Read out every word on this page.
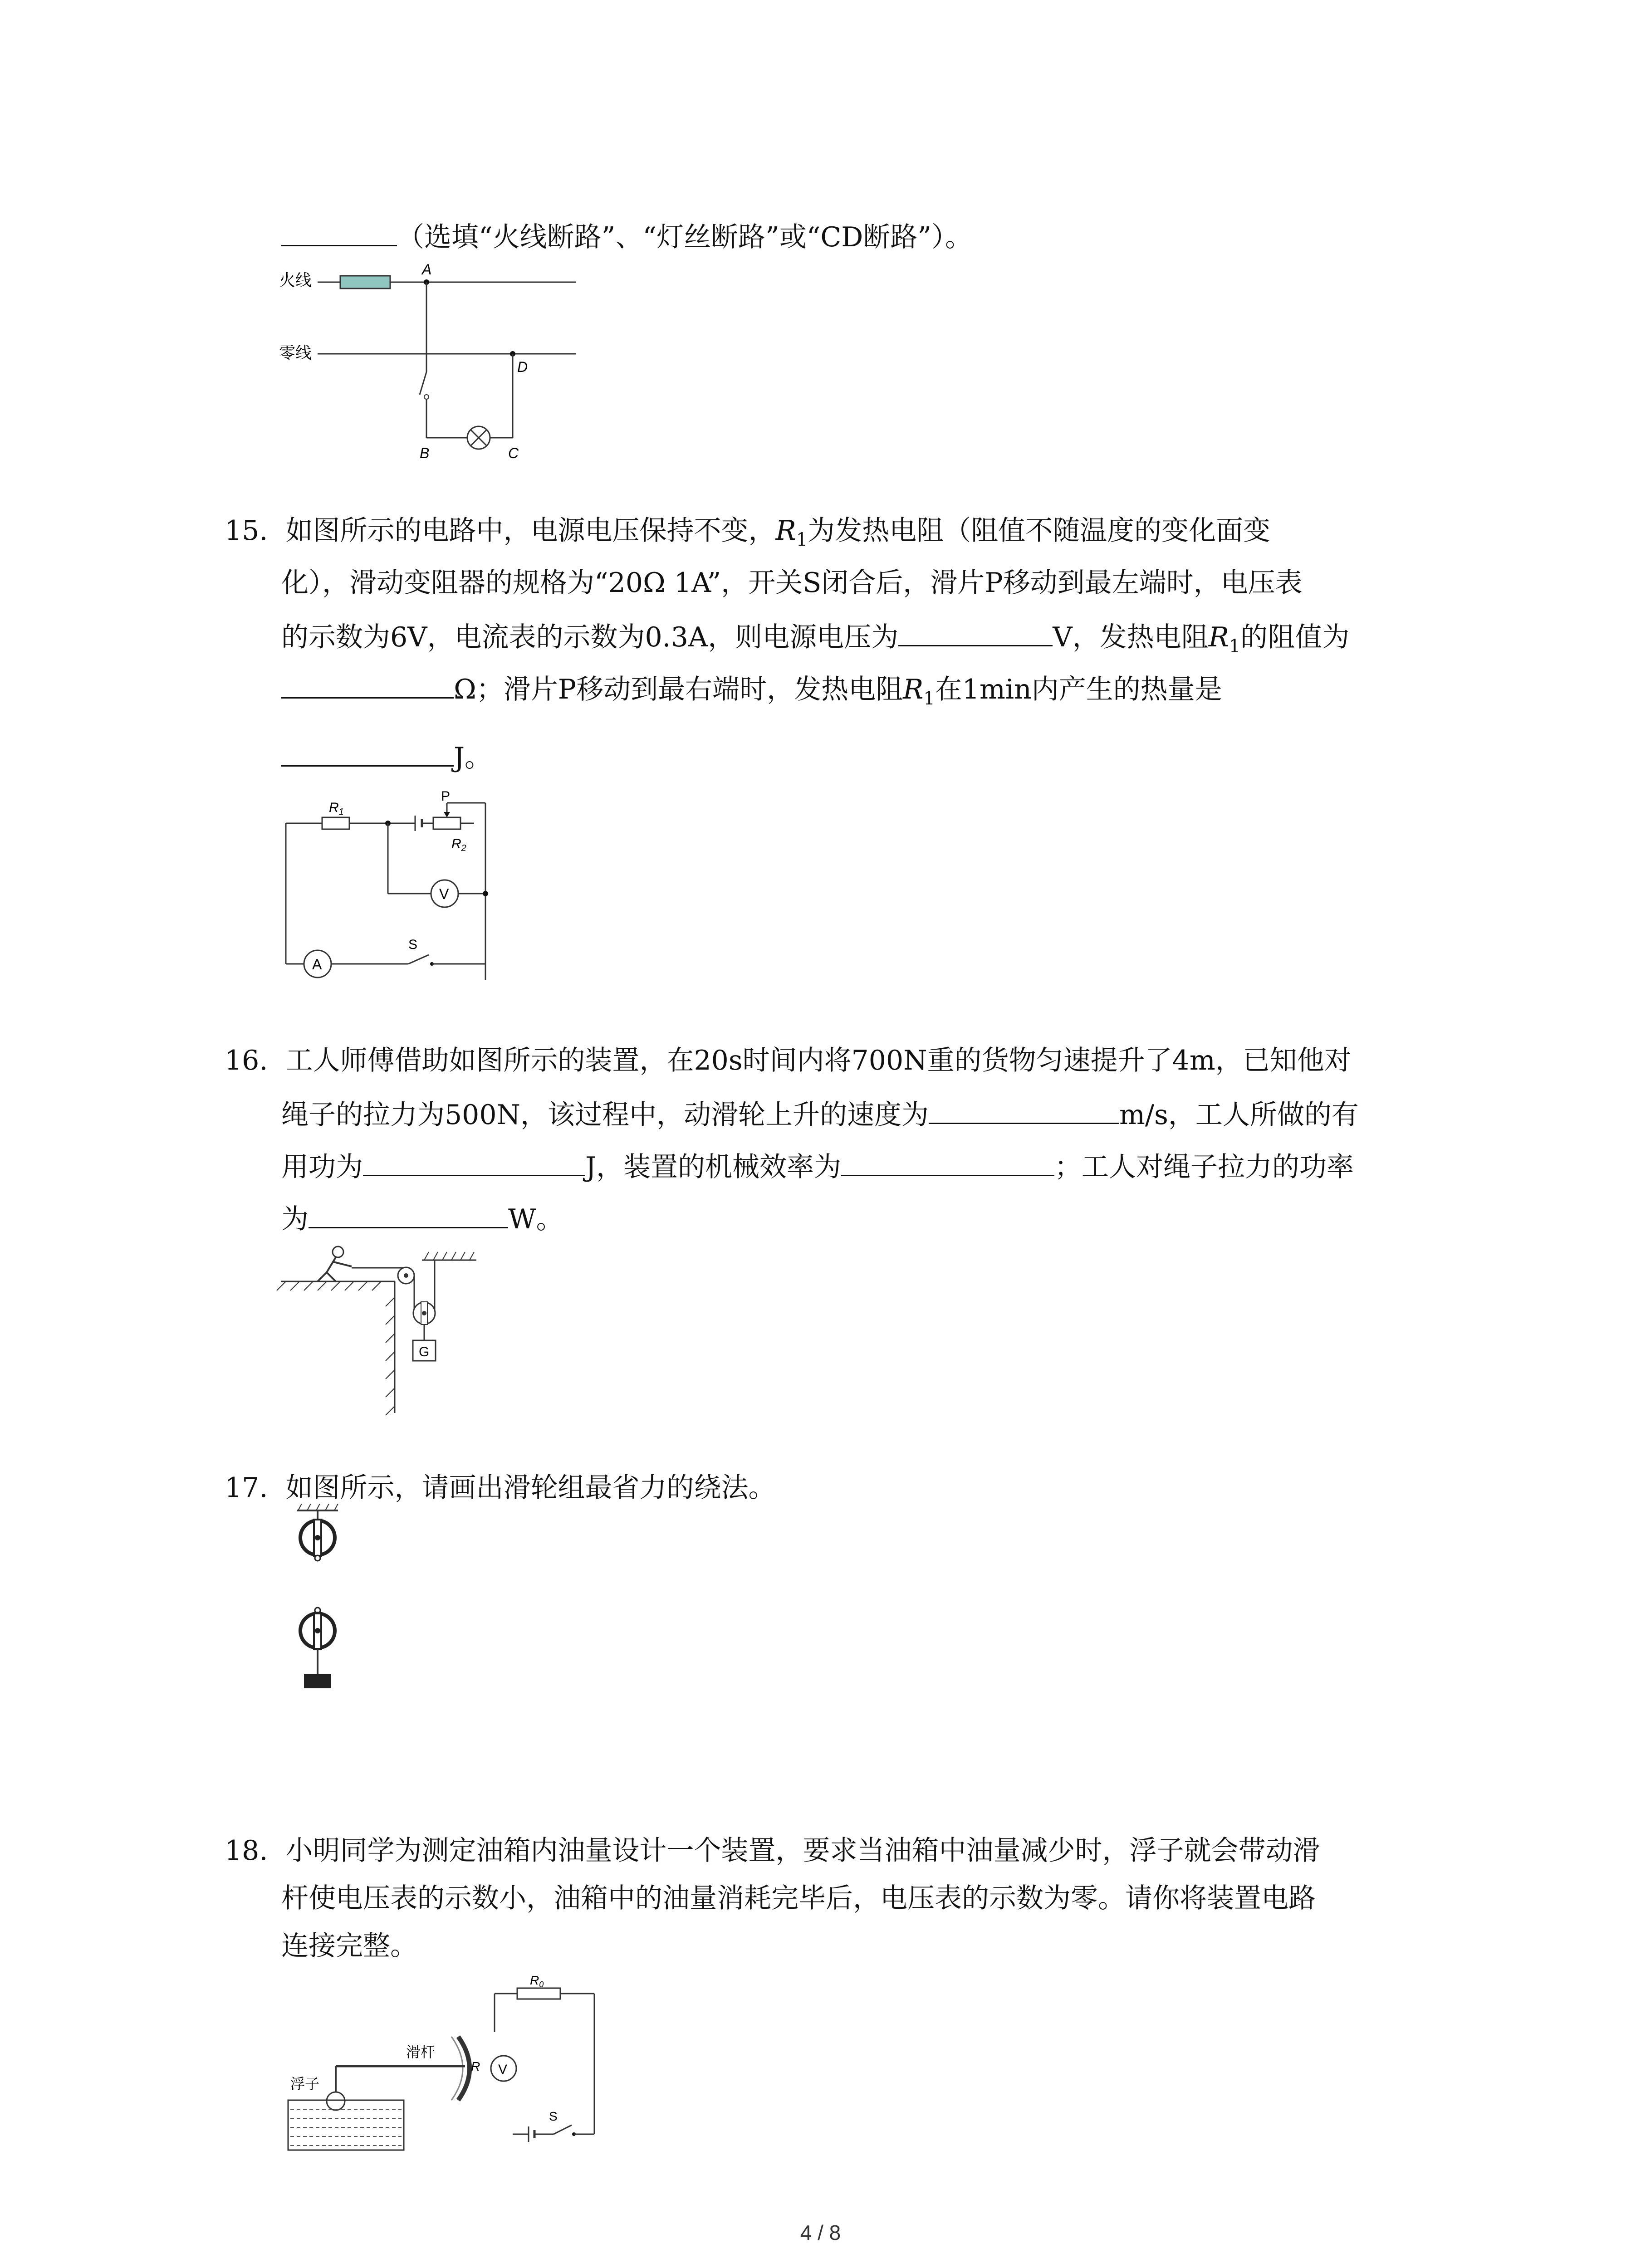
（选填“火线断路”、“灯丝断路”或“CD断路”）。
火线
A
零线
D
B	C
15. 如图所示的电路中，电源电压保持不变，$R_1$为发热电阻（阻值不随温度的变化面变
化），滑动变阻器的规格为“20Ω 1A”，开关S闭合后，滑片P移动到最左端时，电压表
的示数为6V，电流表的示数为0.3A，则电源电压为	V，发热电阻$R_1$的阻值为
Ω；滑片P移动到最右端时，发热电阻$R_1$在1min内产生的热量是
J。
$R_1$
P
$R_2$
V
A
S
16. 工人师傅借助如图所示的装置，在20s时间内将700N重的货物匀速提升了4m，已知他对
绳子的拉力为500N，该过程中，动滑轮上升的速度为	m/s，工人所做的有
用功为	J，装置的机械效率为	；工人对绳子拉力的功率
为	W。
G
17. 如图所示，请画出滑轮组最省力的绕法。
18. 小明同学为测定油箱内油量设计一个装置，要求当油箱中油量减少时，浮子就会带动滑
杆使电压表的示数小，油箱中的油量消耗完毕后，电压表的示数为零。请你将装置电路
连接完整。
$R_0$
V
S
R
滑杆
浮子
4 / 8
